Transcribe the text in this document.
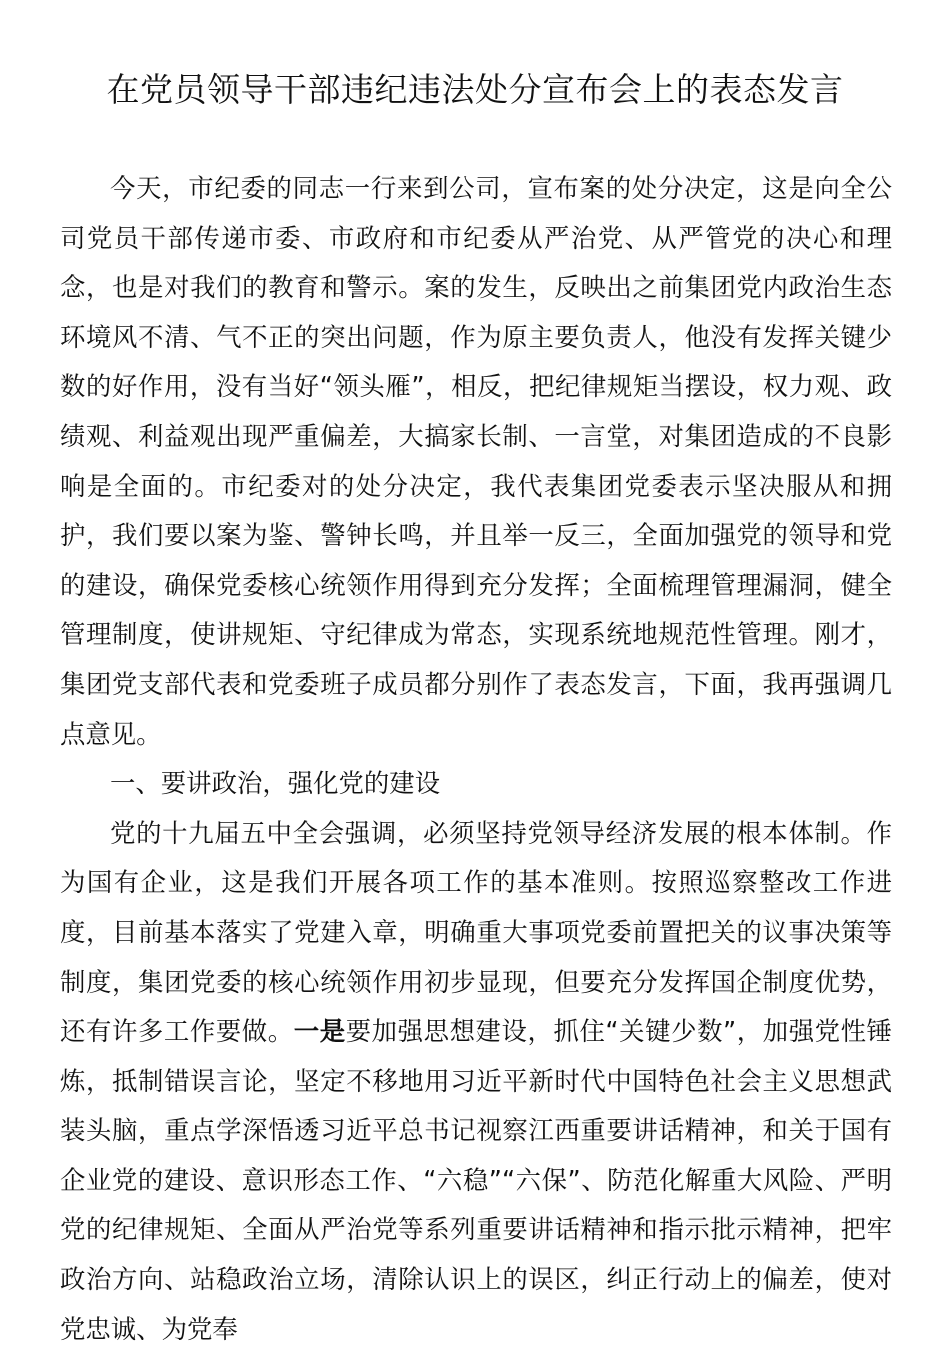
在党员领导干部违纪违法处分宣布会上的表态发言

今天，市纪委的同志一行来到公司，宣布案的处分决定，这是向全公司党员干部传递市委、市政府和市纪委从严治党、从严管党的决心和理念，也是对我们的教育和警示。案的发生，反映出之前集团党内政治生态环境风不清、气不正的突出问题，作为原主要负责人，他没有发挥关键少数的好作用，没有当好“领头雁”，相反，把纪律规矩当摆设，权力观、政绩观、利益观出现严重偏差，大搞家长制、一言堂，对集团造成的不良影响是全面的。市纪委对的处分决定，我代表集团党委表示坚决服从和拥护，我们要以案为鉴、警钟长鸣，并且举一反三，全面加强党的领导和党的建设，确保党委核心统领作用得到充分发挥；全面梳理管理漏洞，健全管理制度，使讲规矩、守纪律成为常态，实现系统地规范性管理。刚才，集团党支部代表和党委班子成员都分别作了表态发言，下面，我再强调几点意见。

一、要讲政治，强化党的建设

党的十九届五中全会强调，必须坚持党领导经济发展的根本体制。作为国有企业，这是我们开展各项工作的基本准则。按照巡察整改工作进度，目前基本落实了党建入章，明确重大事项党委前置把关的议事决策等制度，集团党委的核心统领作用初步显现，但要充分发挥国企制度优势，还有许多工作要做。一是要加强思想建设，抓住“关键少数”，加强党性锤炼，抵制错误言论，坚定不移地用习近平新时代中国特色社会主义思想武装头脑，重点学深悟透习近平总书记视察江西重要讲话精神，和关于国有企业党的建设、意识形态工作、“六稳”“六保”、防范化解重大风险、严明党的纪律规矩、全面从严治党等系列重要讲话精神和指示批示精神，把牢政治方向、站稳政治立场，清除认识上的误区，纠正行动上的偏差，使对党忠诚、为党奉
